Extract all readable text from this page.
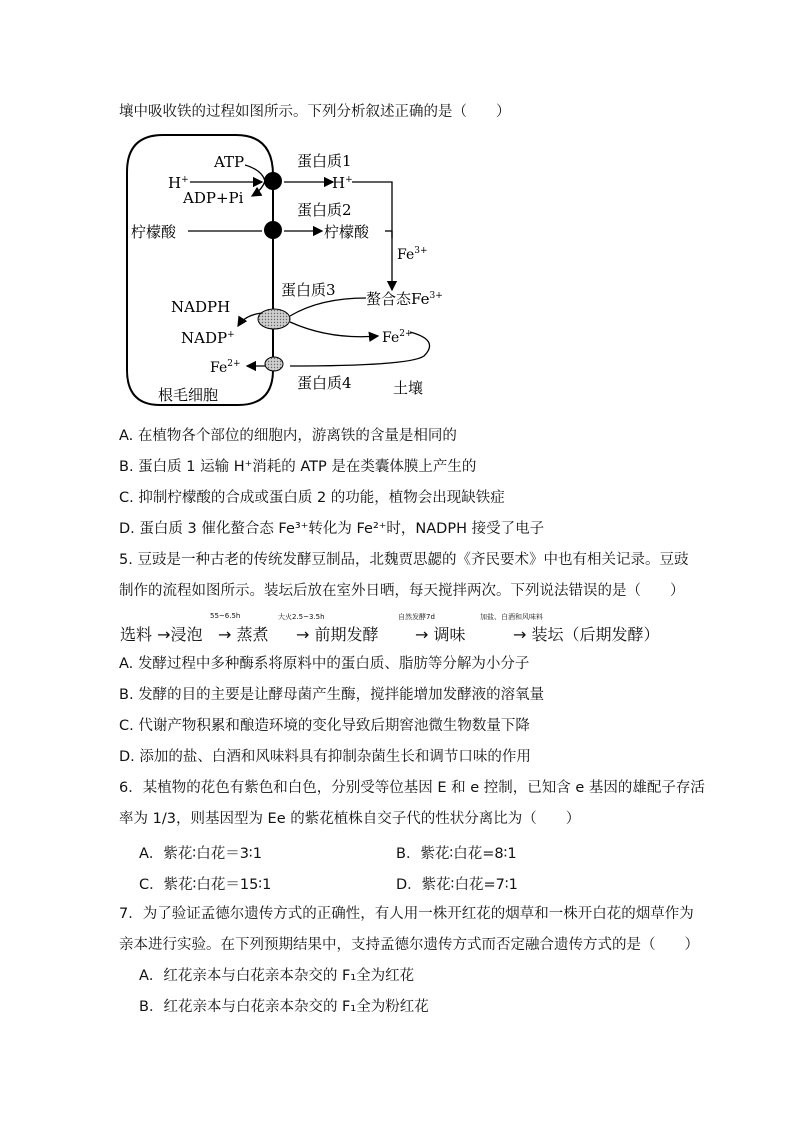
壤中吸收铁的过程如图所示。下列分析叙述正确的是（　　）
ATP
H+
ADP+Pi
蛋白质1
H+
蛋白质2
柠檬酸	柠檬酸
$Fe^{3+}$
蛋白质3 螯合态$Fe^{3+}$
NADPH
NADP+	$Fe^{2+}$
$Fe^{2+}$
蛋白质4
根毛细胞	土壤
A. 在植物各个部位的细胞内，游离铁的含量是相同的
B. 蛋白质 1 运输 H⁺消耗的 ATP 是在类囊体膜上产生的
C. 抑制柠檬酸的合成或蛋白质 2 的功能，植物会出现缺铁症
D. 蛋白质 3 催化螯合态 Fe³⁺转化为 Fe²⁺时，NADPH 接受了电子
5. 豆豉是一种古老的传统发酵豆制品，北魏贾思勰的《齐民要术》中也有相关记录。豆豉
制作的流程如图所示。装坛后放在室外日晒，每天搅拌两次。下列说法错误的是（　　）
选料 →浸泡
55~6.5h
→ 蒸煮
大火2.5~3.5h
→ 前期发酵
自然发酵7d
→ 调味
加盐、白酒和风味料
→ 装坛（后期发酵）
A. 发酵过程中多种酶系将原料中的蛋白质、脂肪等分解为小分子
B. 发酵的目的主要是让酵母菌产生酶，搅拌能增加发酵液的溶氧量
C. 代谢产物积累和酿造环境的变化导致后期窖池微生物数量下降
D. 添加的盐、白酒和风味料具有抑制杂菌生长和调节口味的作用
6．某植物的花色有紫色和白色，分别受等位基因 E 和 e 控制，已知含 e 基因的雄配子存活
率为 1/3，则基因型为 Ee 的紫花植株自交子代的性状分离比为（　　）
A．紫花∶白花＝3∶1	B．紫花∶白花=8∶1
C．紫花∶白花＝15∶1	D．紫花∶白花=7∶1
7．为了验证孟德尔遗传方式的正确性，有人用一株开红花的烟草和一株开白花的烟草作为
亲本进行实验。在下列预期结果中，支持孟德尔遗传方式而否定融合遗传方式的是（　　）
A．红花亲本与白花亲本杂交的 F₁全为红花
B．红花亲本与白花亲本杂交的 F₁全为粉红花
